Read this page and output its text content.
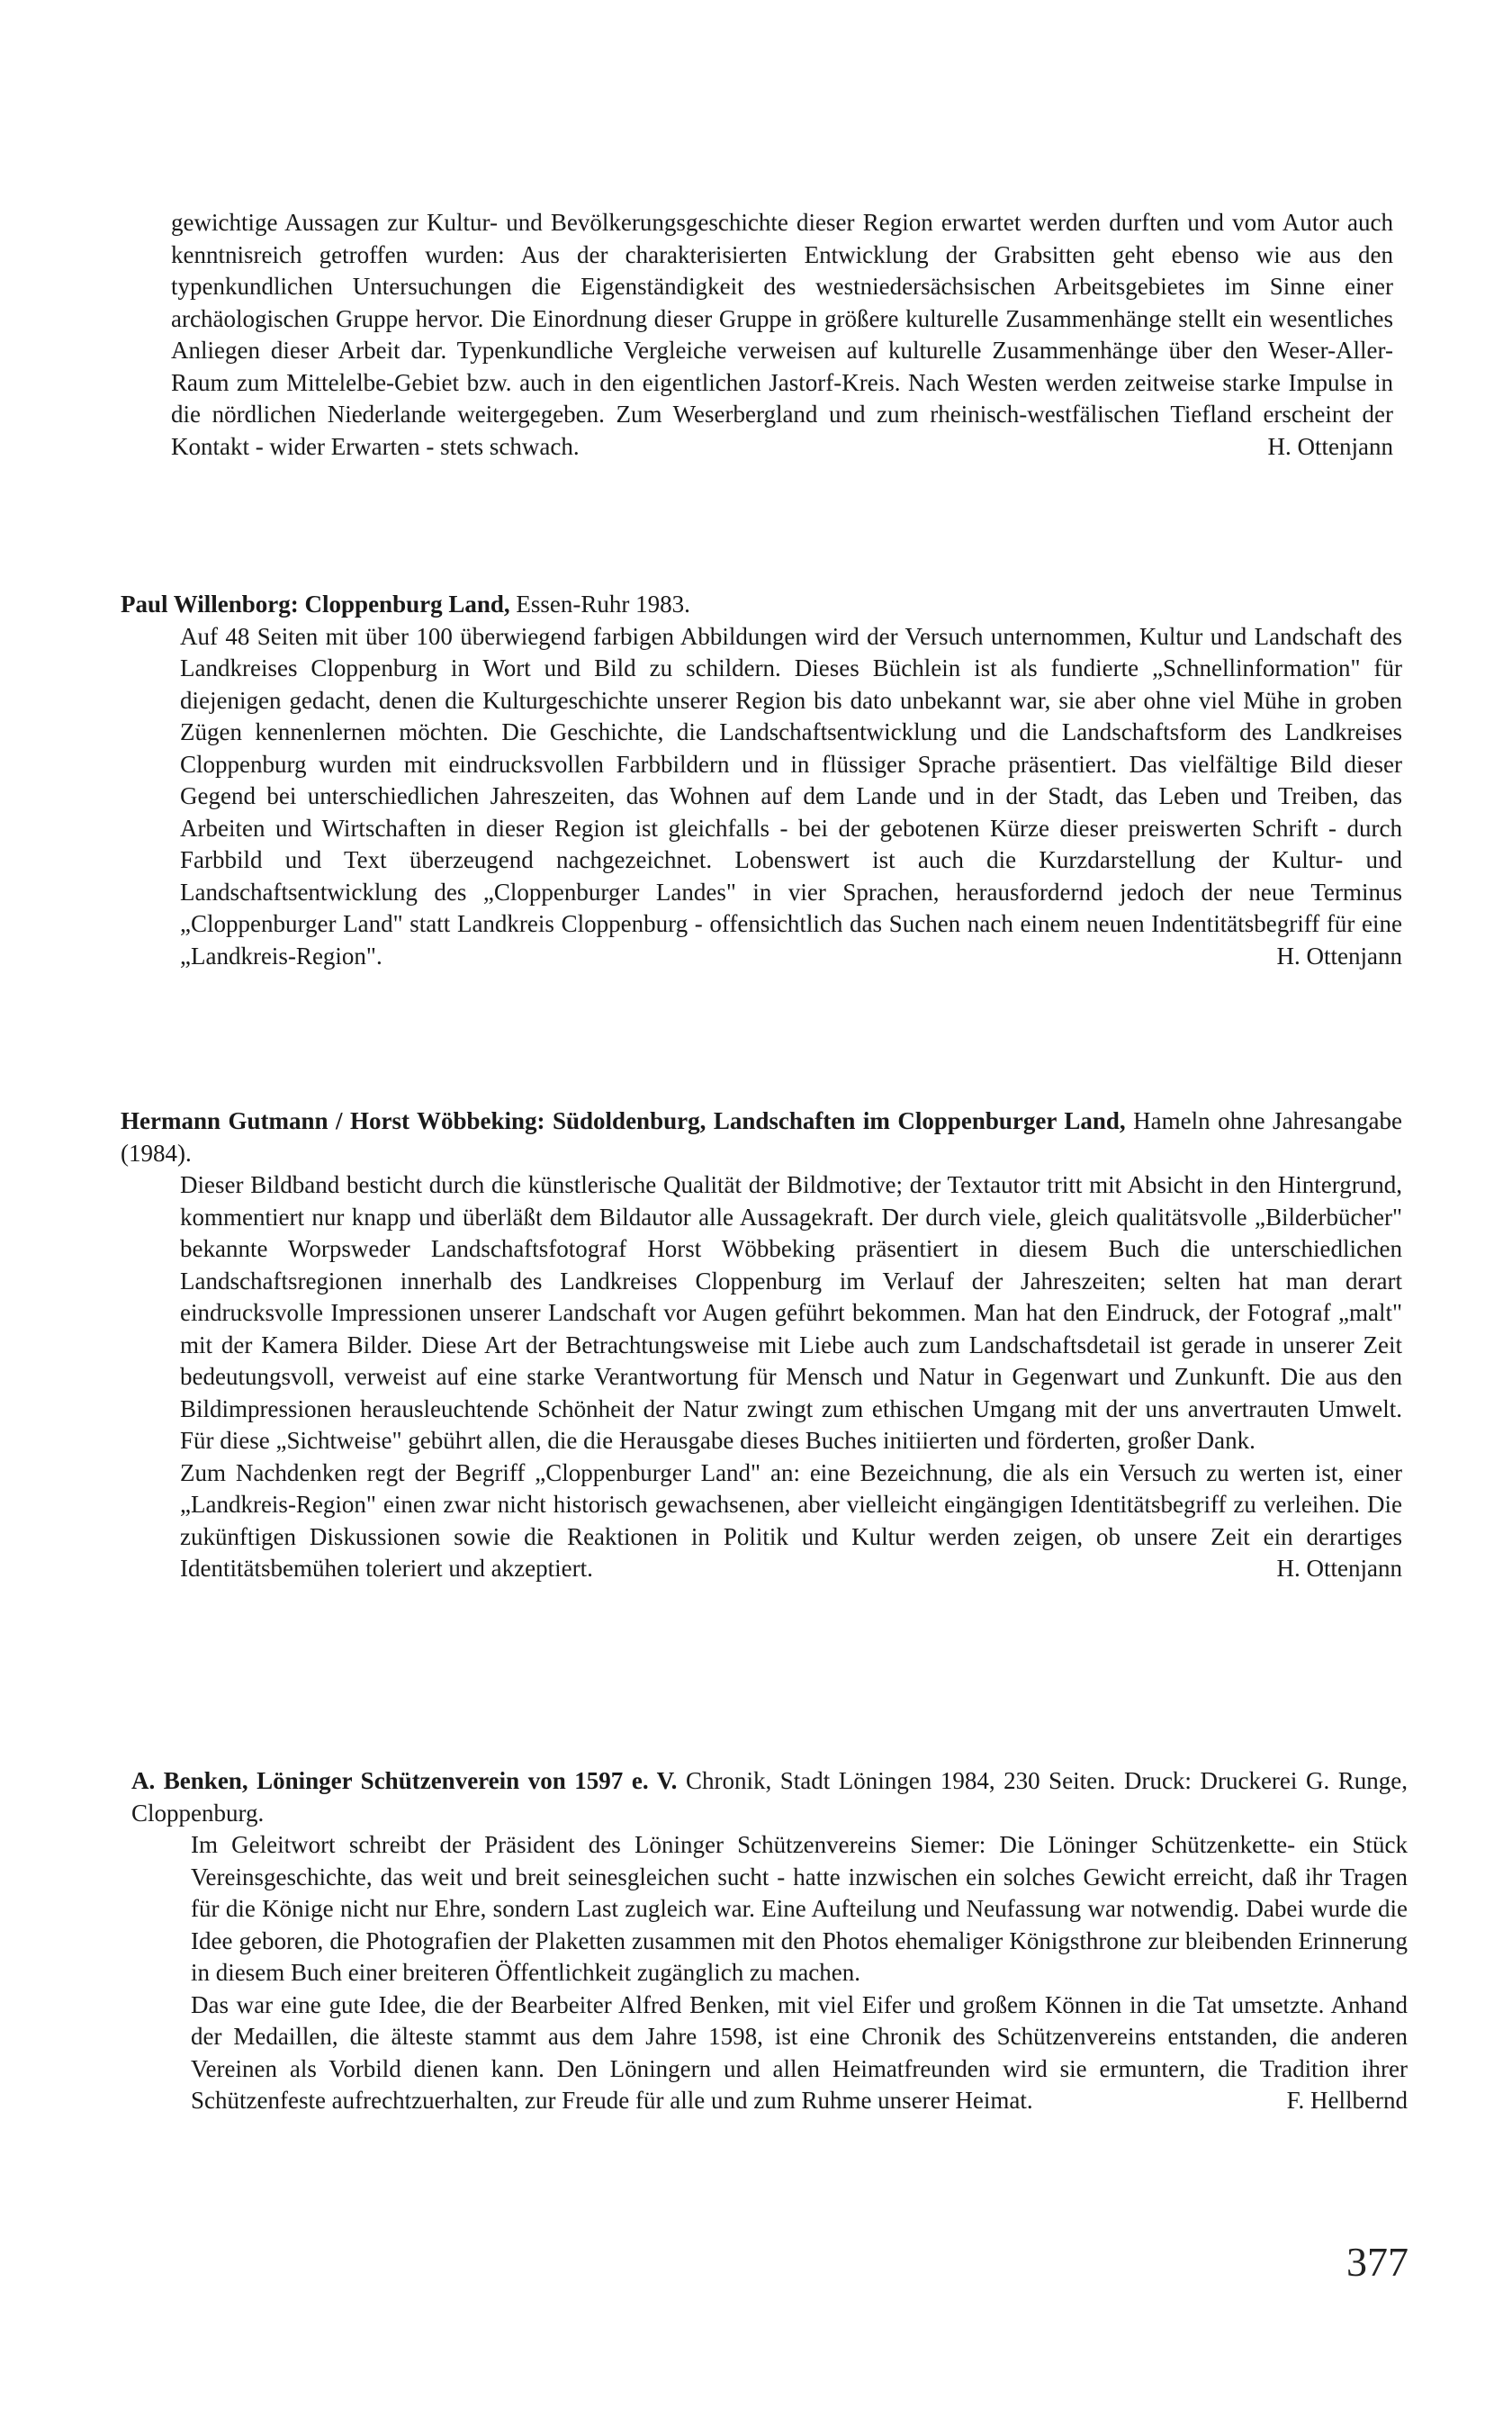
gewichtige Aussagen zur Kultur- und Bevölkerungsgeschichte dieser Region erwartet werden durften und vom Autor auch kenntnisreich getroffen wurden: Aus der charakterisierten Entwicklung der Grabsitten geht ebenso wie aus den typenkundlichen Untersuchungen die Eigenständigkeit des westniedersächsischen Arbeitsgebietes im Sinne einer archäologischen Gruppe hervor. Die Einordnung dieser Gruppe in größere kulturelle Zusammenhänge stellt ein wesentliches Anliegen dieser Arbeit dar. Typenkundliche Vergleiche verweisen auf kulturelle Zusammenhänge über den Weser-Aller-Raum zum Mittelelbe-Gebiet bzw. auch in den eigentlichen Jastorf-Kreis. Nach Westen werden zeitweise starke Impulse in die nördlichen Niederlande weitergegeben. Zum Weserbergland und zum rheinisch-westfälischen Tiefland erscheint der Kontakt - wider Erwarten - stets schwach.	H. Ottenjann

Paul Willenborg: Cloppenburg Land, Essen-Ruhr 1983.

Auf 48 Seiten mit über 100 überwiegend farbigen Abbildungen wird der Versuch unternommen, Kultur und Landschaft des Landkreises Cloppenburg in Wort und Bild zu schildern. Dieses Büchlein ist als fundierte „Schnellinformation" für diejenigen gedacht, denen die Kulturgeschichte unserer Region bis dato unbekannt war, sie aber ohne viel Mühe in groben Zügen kennenlernen möchten. Die Geschichte, die Landschaftsentwicklung und die Landschaftsform des Landkreises Cloppenburg wurden mit eindrucksvollen Farbbildern und in flüssiger Sprache präsentiert. Das vielfältige Bild dieser Gegend bei unterschiedlichen Jahreszeiten, das Wohnen auf dem Lande und in der Stadt, das Leben und Treiben, das Arbeiten und Wirtschaften in dieser Region ist gleichfalls - bei der gebotenen Kürze dieser preiswerten Schrift - durch Farbbild und Text überzeugend nachgezeichnet. Lobenswert ist auch die Kurzdarstellung der Kultur- und Landschaftsentwicklung des „Cloppenburger Landes" in vier Sprachen, herausfordernd jedoch der neue Terminus „Cloppenburger Land" statt Landkreis Cloppenburg - offensichtlich das Suchen nach einem neuen Indentitätsbegriff für eine „Landkreis-Region".	H. Ottenjann

Hermann Gutmann / Horst Wöbbeking: Südoldenburg, Landschaften im Cloppenburger Land, Hameln ohne Jahresangabe (1984).

Dieser Bildband besticht durch die künstlerische Qualität der Bildmotive; der Textautor tritt mit Absicht in den Hintergrund, kommentiert nur knapp und überläßt dem Bildautor alle Aussagekraft. Der durch viele, gleich qualitätsvolle „Bilderbücher" bekannte Worpsweder Landschaftsfotograf Horst Wöbbeking präsentiert in diesem Buch die unterschiedlichen Landschaftsregionen innerhalb des Landkreises Cloppenburg im Verlauf der Jahreszeiten; selten hat man derart eindrucksvolle Impressionen unserer Landschaft vor Augen geführt bekommen. Man hat den Eindruck, der Fotograf „malt" mit der Kamera Bilder. Diese Art der Betrachtungsweise mit Liebe auch zum Landschaftsdetail ist gerade in unserer Zeit bedeutungsvoll, verweist auf eine starke Verantwortung für Mensch und Natur in Gegenwart und Zunkunft. Die aus den Bildimpressionen herausleuchtende Schönheit der Natur zwingt zum ethischen Umgang mit der uns anvertrauten Umwelt. Für diese „Sichtweise" gebührt allen, die die Herausgabe dieses Buches initiierten und förderten, großer Dank.

Zum Nachdenken regt der Begriff „Cloppenburger Land" an: eine Bezeichnung, die als ein Versuch zu werten ist, einer „Landkreis-Region" einen zwar nicht historisch gewachsenen, aber vielleicht eingängigen Identitätsbegriff zu verleihen. Die zukünftigen Diskussionen sowie die Reaktionen in Politik und Kultur werden zeigen, ob unsere Zeit ein derartiges Identitätsbemühen toleriert und akzeptiert.	H. Ottenjann

A. Benken, Löninger Schützenverein von 1597 e. V. Chronik, Stadt Löningen 1984, 230 Seiten. Druck: Druckerei G. Runge, Cloppenburg.

Im Geleitwort schreibt der Präsident des Löninger Schützenvereins Siemer: Die Löninger Schützenkette- ein Stück Vereinsgeschichte, das weit und breit seinesgleichen sucht - hatte inzwischen ein solches Gewicht erreicht, daß ihr Tragen für die Könige nicht nur Ehre, sondern Last zugleich war. Eine Aufteilung und Neufassung war notwendig. Dabei wurde die Idee geboren, die Photografien der Plaketten zusammen mit den Photos ehemaliger Königsthrone zur bleibenden Erinnerung in diesem Buch einer breiteren Öffentlichkeit zugänglich zu machen.

Das war eine gute Idee, die der Bearbeiter Alfred Benken, mit viel Eifer und großem Können in die Tat umsetzte. Anhand der Medaillen, die älteste stammt aus dem Jahre 1598, ist eine Chronik des Schützenvereins entstanden, die anderen Vereinen als Vorbild dienen kann. Den Löningern und allen Heimatfreunden wird sie ermuntern, die Tradition ihrer Schützenfeste aufrechtzuerhalten, zur Freude für alle und zum Ruhme unserer Heimat.	F. Hellbernd

377
